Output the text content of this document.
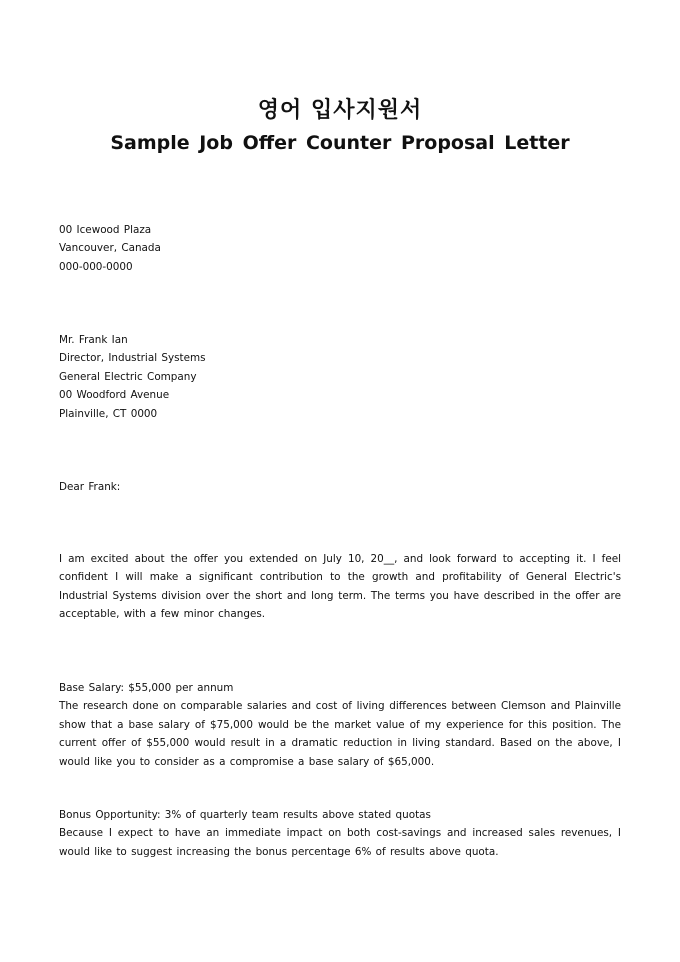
영어 입사지원서
Sample Job Offer Counter Proposal Letter
00 Icewood Plaza
Vancouver, Canada
000-000-0000
Mr. Frank Ian
Director, Industrial Systems
General Electric Company
00 Woodford Avenue
Plainville, CT 0000
Dear Frank:
I am excited about the offer you extended on July 10, 20__, and look forward to accepting it. I feel confident I will make a significant contribution to the growth and profitability of General Electric's Industrial Systems division over the short and long term. The terms you have described in the offer are acceptable, with a few minor changes.
Base Salary: $55,000 per annum
The research done on comparable salaries and cost of living differences between Clemson and Plainville show that a base salary of $75,000 would be the market value of my experience for this position. The current offer of $55,000 would result in a dramatic reduction in living standard. Based on the above, I would like you to consider as a compromise a base salary of $65,000.
Bonus Opportunity: 3% of quarterly team results above stated quotas
Because I expect to have an immediate impact on both cost-savings and increased sales revenues, I would like to suggest increasing the bonus percentage 6% of results above quota.
